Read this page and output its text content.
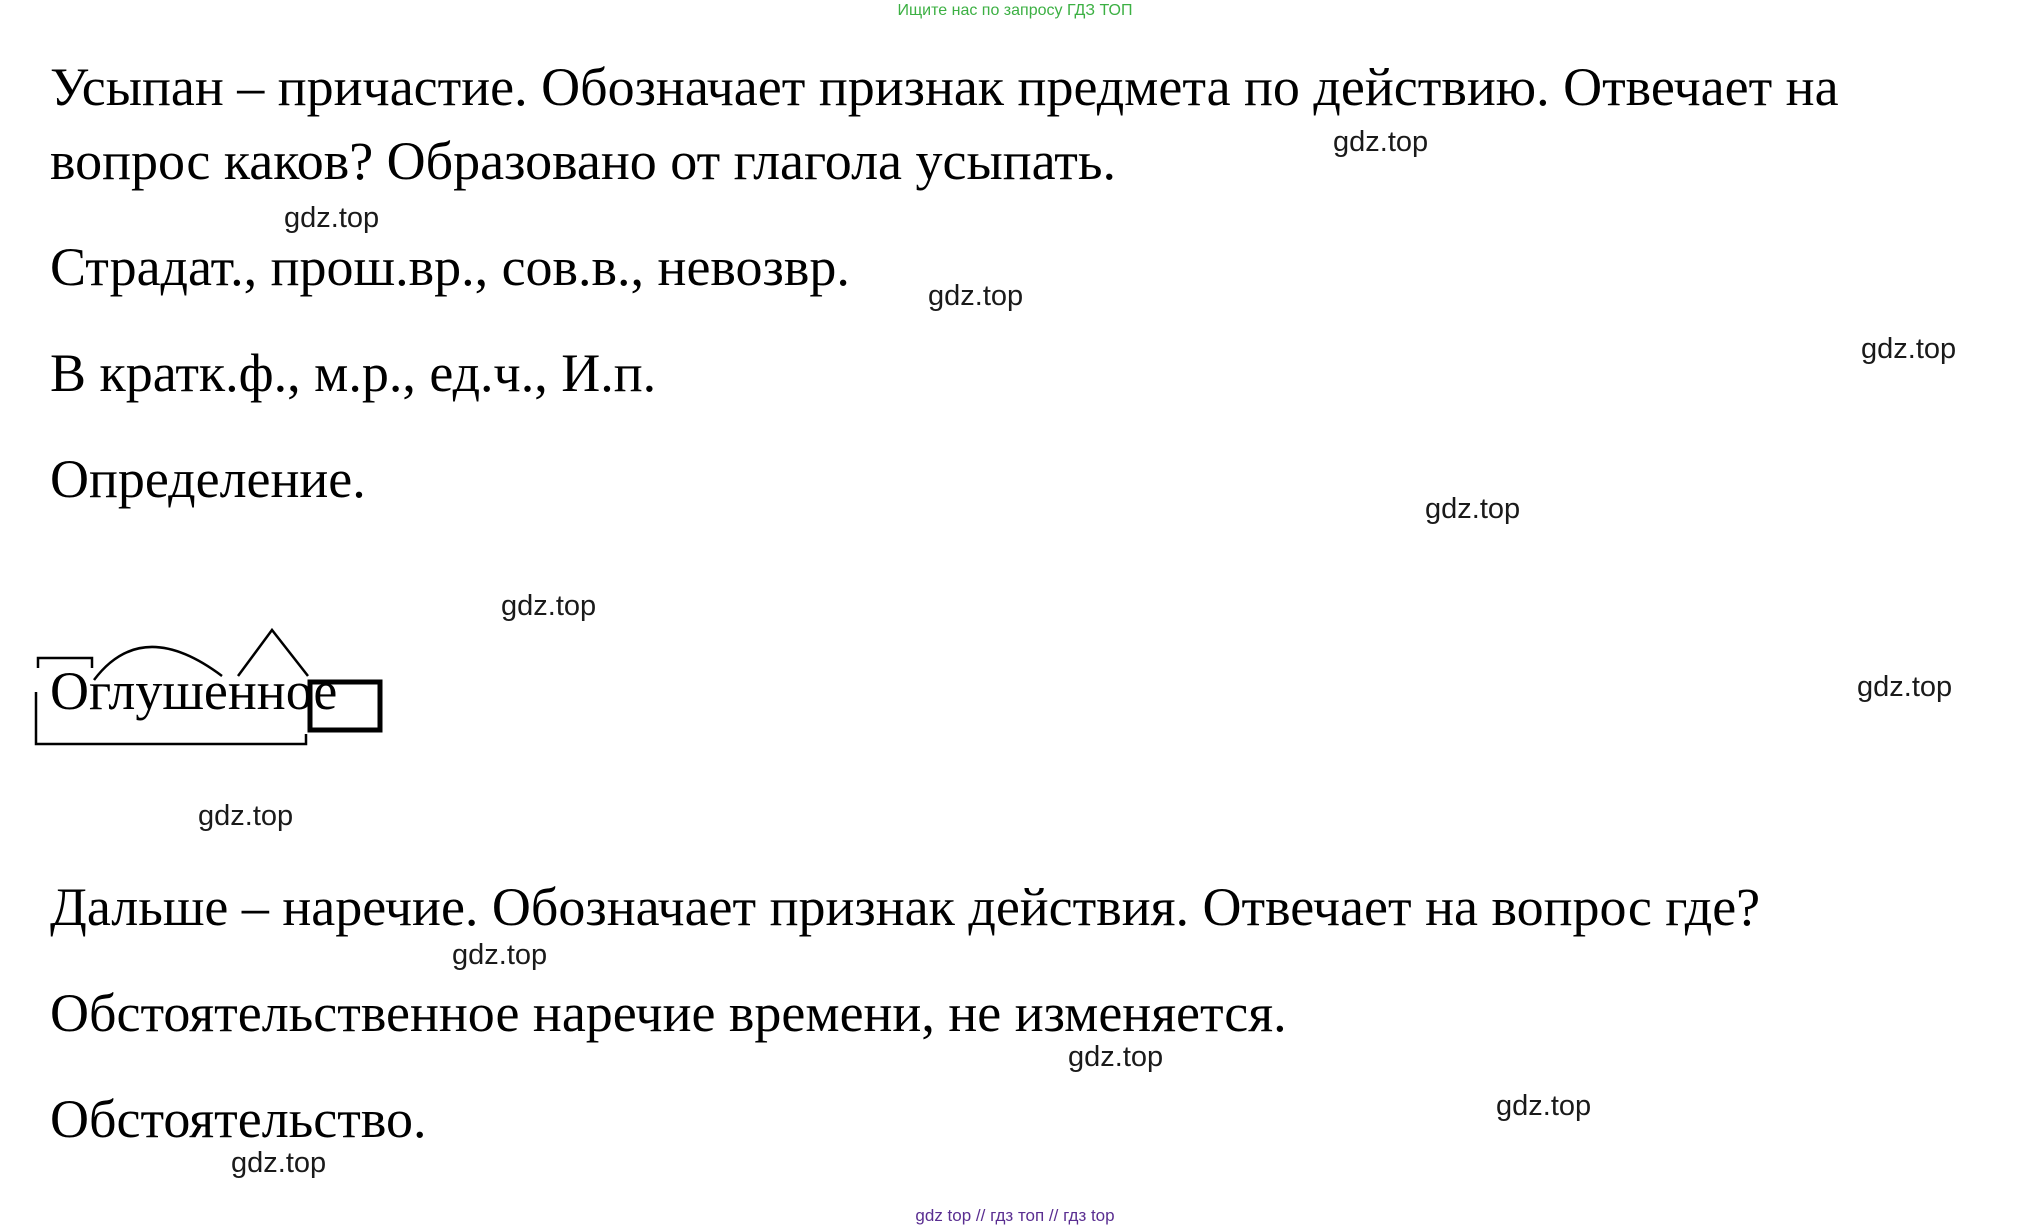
Ищите нас по запросу ГДЗ ТОП

Усыпан – причастие. Обозначает признак предмета по действию. Отвечает на

вопрос каков? Образовано от глагола усыпать.

Страдат., прош.вр., сов.в., невозвр.

В кратк.ф., м.р., ед.ч., И.п.

Определение.

Оглушенное

Дальше – наречие. Обозначает признак действия. Отвечает на вопрос где?

Обстоятельственное наречие времени, не изменяется.

Обстоятельство.

gdz.top
gdz.top
gdz.top
gdz.top
gdz.top
gdz.top
gdz.top
gdz.top
gdz.top
gdz.top
gdz.top
gdz.top
gdz top // гдз топ // гдз top
